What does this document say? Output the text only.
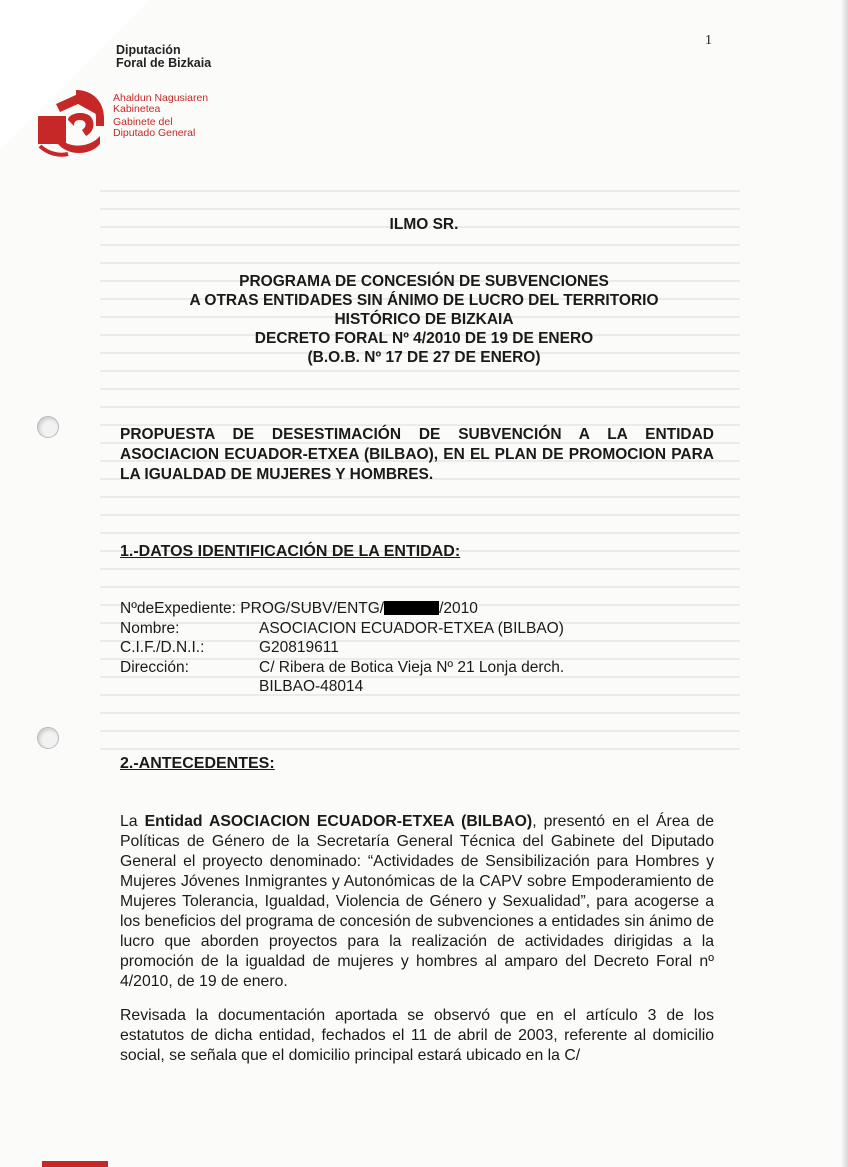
Diputación
Foral de Bizkaia
Ahaldun Nagusiaren
Kabinetea
Gabinete del
Diputado General
1
ILMO SR.
PROGRAMA DE CONCESIÓN DE SUBVENCIONES
A OTRAS ENTIDADES SIN ÁNIMO DE LUCRO DEL TERRITORIO
HISTÓRICO DE BIZKAIA
DECRETO FORAL Nº 4/2010 DE 19 DE ENERO
(B.O.B. Nº 17 DE 27 DE ENERO)
PROPUESTA DE DESESTIMACIÓN DE SUBVENCIÓN A LA ENTIDAD ASOCIACION ECUADOR-ETXEA (BILBAO), EN EL PLAN DE PROMOCION PARA LA IGUALDAD DE MUJERES Y HOMBRES.
1.-DATOS IDENTIFICACIÓN DE LA ENTIDAD:
NºdeExpediente: PROG/SUBV/ENTG/	/2010
Nombre:	ASOCIACION ECUADOR-ETXEA (BILBAO)
C.I.F./D.N.I.:	G20819611
Dirección:	C/ Ribera de Botica Vieja Nº 21 Lonja derch.
BILBAO-48014
2.-ANTECEDENTES:
La Entidad ASOCIACION ECUADOR-ETXEA (BILBAO), presentó en el Área de Políticas de Género de la Secretaría General Técnica del Gabinete del Diputado General el proyecto denominado: “Actividades de Sensibilización para Hombres y Mujeres Jóvenes Inmigrantes y Autonómicas de la CAPV sobre Empoderamiento de Mujeres Tolerancia, Igualdad, Violencia de Género y Sexualidad”, para acogerse a los beneficios del programa de concesión de subvenciones a entidades sin ánimo de lucro que aborden proyectos para la realización de actividades dirigidas a la promoción de la igualdad de mujeres y hombres al amparo del Decreto Foral nº 4/2010, de 19 de enero.
Revisada la documentación aportada se observó que en el artículo 3 de los estatutos de dicha entidad, fechados el 11 de abril de 2003, referente al domicilio social, se señala que el domicilio principal estará ubicado en la C/
